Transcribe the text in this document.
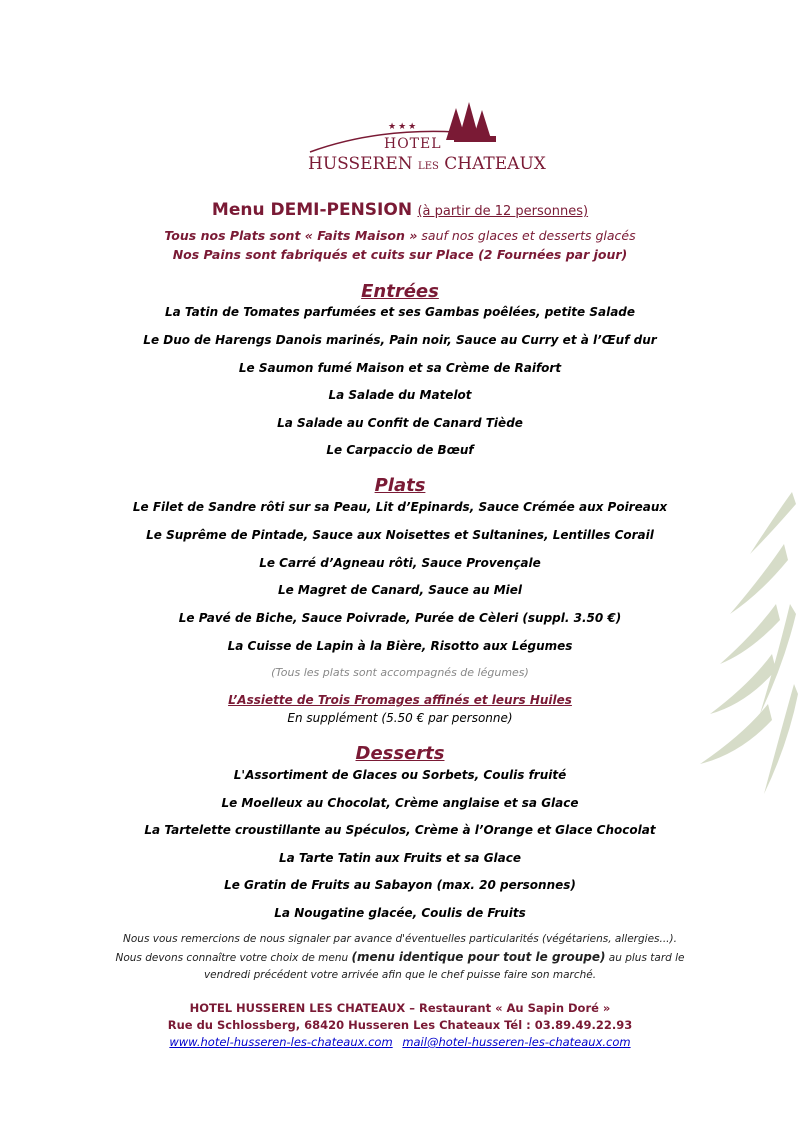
★★★
HOTEL
HUSSEREN LES CHATEAUX
Menu DEMI-PENSION (à partir de 12 personnes)
Tous nos Plats sont « Faits Maison » sauf nos glaces et desserts glacés
Nos Pains sont fabriqués et cuits sur Place (2 Fournées par jour)
Entrées
La Tatin de Tomates parfumées et ses Gambas poêlées, petite Salade
Le Duo de Harengs Danois marinés, Pain noir, Sauce au Curry et à l’Œuf dur
Le Saumon fumé Maison et sa Crème de Raifort
La Salade du Matelot
La Salade au Confit de Canard Tiède
Le Carpaccio de Bœuf
Plats
Le Filet de Sandre rôti sur sa Peau, Lit d’Epinards, Sauce Crémée aux Poireaux
Le Suprême de Pintade, Sauce aux Noisettes et Sultanines, Lentilles Corail
Le Carré d’Agneau rôti, Sauce Provençale
Le Magret de Canard, Sauce au Miel
Le Pavé de Biche, Sauce Poivrade, Purée de Cèleri (suppl. 3.50 €)
La Cuisse de Lapin à la Bière, Risotto aux Légumes
(Tous les plats sont accompagnés de légumes)
L’Assiette de Trois Fromages affinés et leurs Huiles
En supplément (5.50 € par personne)
Desserts
L'Assortiment de Glaces ou Sorbets, Coulis fruité
Le Moelleux au Chocolat, Crème anglaise et sa Glace
La Tartelette croustillante au Spéculos, Crème à l’Orange et Glace Chocolat
La Tarte Tatin aux Fruits et sa Glace
Le Gratin de Fruits au Sabayon (max. 20 personnes)
La Nougatine glacée, Coulis de Fruits
Nous vous remercions de nous signaler par avance d'éventuelles particularités (végétariens, allergies...).
Nous devons connaître votre choix de menu (menu identique pour tout le groupe) au plus tard le
vendredi précédent votre arrivée afin que le chef puisse faire son marché.
HOTEL HUSSEREN LES CHATEAUX – Restaurant « Au Sapin Doré »
Rue du Schlossberg, 68420 Husseren Les Chateaux Tél : 03.89.49.22.93
www.hotel-husseren-les-chateaux.com mail@hotel-husseren-les-chateaux.com
